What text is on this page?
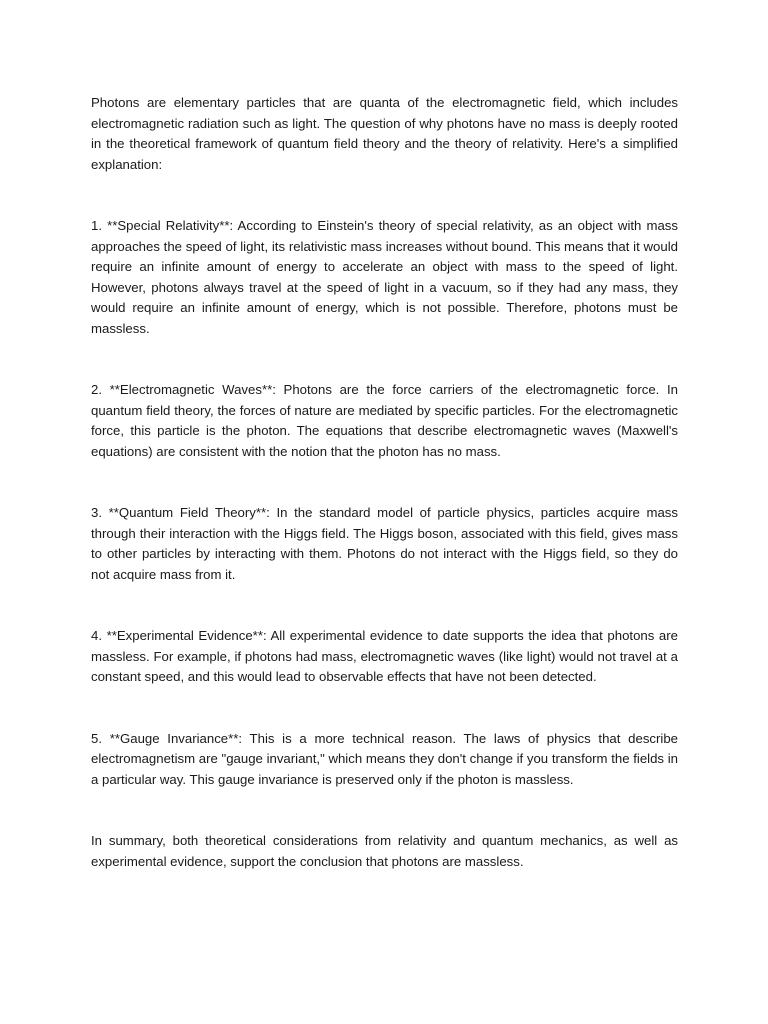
Photons are elementary particles that are quanta of the electromagnetic field, which includes electromagnetic radiation such as light. The question of why photons have no mass is deeply rooted in the theoretical framework of quantum field theory and the theory of relativity. Here's a simplified explanation:

1. **Special Relativity**: According to Einstein's theory of special relativity, as an object with mass approaches the speed of light, its relativistic mass increases without bound. This means that it would require an infinite amount of energy to accelerate an object with mass to the speed of light. However, photons always travel at the speed of light in a vacuum, so if they had any mass, they would require an infinite amount of energy, which is not possible. Therefore, photons must be massless.

2. **Electromagnetic Waves**: Photons are the force carriers of the electromagnetic force. In quantum field theory, the forces of nature are mediated by specific particles. For the electromagnetic force, this particle is the photon. The equations that describe electromagnetic waves (Maxwell's equations) are consistent with the notion that the photon has no mass.

3. **Quantum Field Theory**: In the standard model of particle physics, particles acquire mass through their interaction with the Higgs field. The Higgs boson, associated with this field, gives mass to other particles by interacting with them. Photons do not interact with the Higgs field, so they do not acquire mass from it.

4. **Experimental Evidence**: All experimental evidence to date supports the idea that photons are massless. For example, if photons had mass, electromagnetic waves (like light) would not travel at a constant speed, and this would lead to observable effects that have not been detected.

5. **Gauge Invariance**: This is a more technical reason. The laws of physics that describe electromagnetism are "gauge invariant," which means they don't change if you transform the fields in a particular way. This gauge invariance is preserved only if the photon is massless.

In summary, both theoretical considerations from relativity and quantum mechanics, as well as experimental evidence, support the conclusion that photons are massless.
